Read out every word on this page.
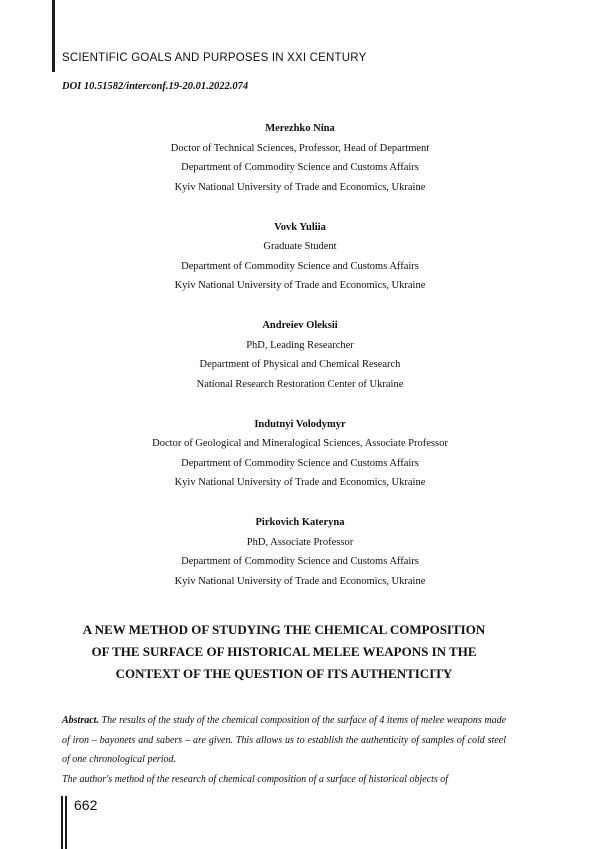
SCIENTIFIC GOALS AND PURPOSES IN XXI CENTURY
DOI 10.51582/interconf.19-20.01.2022.074
Merezhko Nina
Doctor of Technical Sciences, Professor, Head of Department
Department of Commodity Science and Customs Affairs
Kyiv National University of Trade and Economics, Ukraine
Vovk Yuliia
Graduate Student
Department of Commodity Science and Customs Affairs
Kyiv National University of Trade and Economics, Ukraine
Andreiev Oleksii
PhD, Leading Researcher
Department of Physical and Chemical Research
National Research Restoration Center of Ukraine
Indutnyi Volodymyr
Doctor of Geological and Mineralogical Sciences, Associate Professor
Department of Commodity Science and Customs Affairs
Kyiv National University of Trade and Economics, Ukraine
Pirkovich Kateryna
PhD, Associate Professor
Department of Commodity Science and Customs Affairs
Kyiv National University of Trade and Economics, Ukraine
A NEW METHOD OF STUDYING THE CHEMICAL COMPOSITION
OF THE SURFACE OF HISTORICAL MELEE WEAPONS IN THE
CONTEXT OF THE QUESTION OF ITS AUTHENTICITY

Abstract. The results of the study of the chemical composition of the surface of 4 items of melee weapons made of iron – bayonets and sabers – are given. This allows us to establish the authenticity of samples of cold steel of one chronological period.

The author's method of the research of chemical composition of a surface of historical objects of

662
